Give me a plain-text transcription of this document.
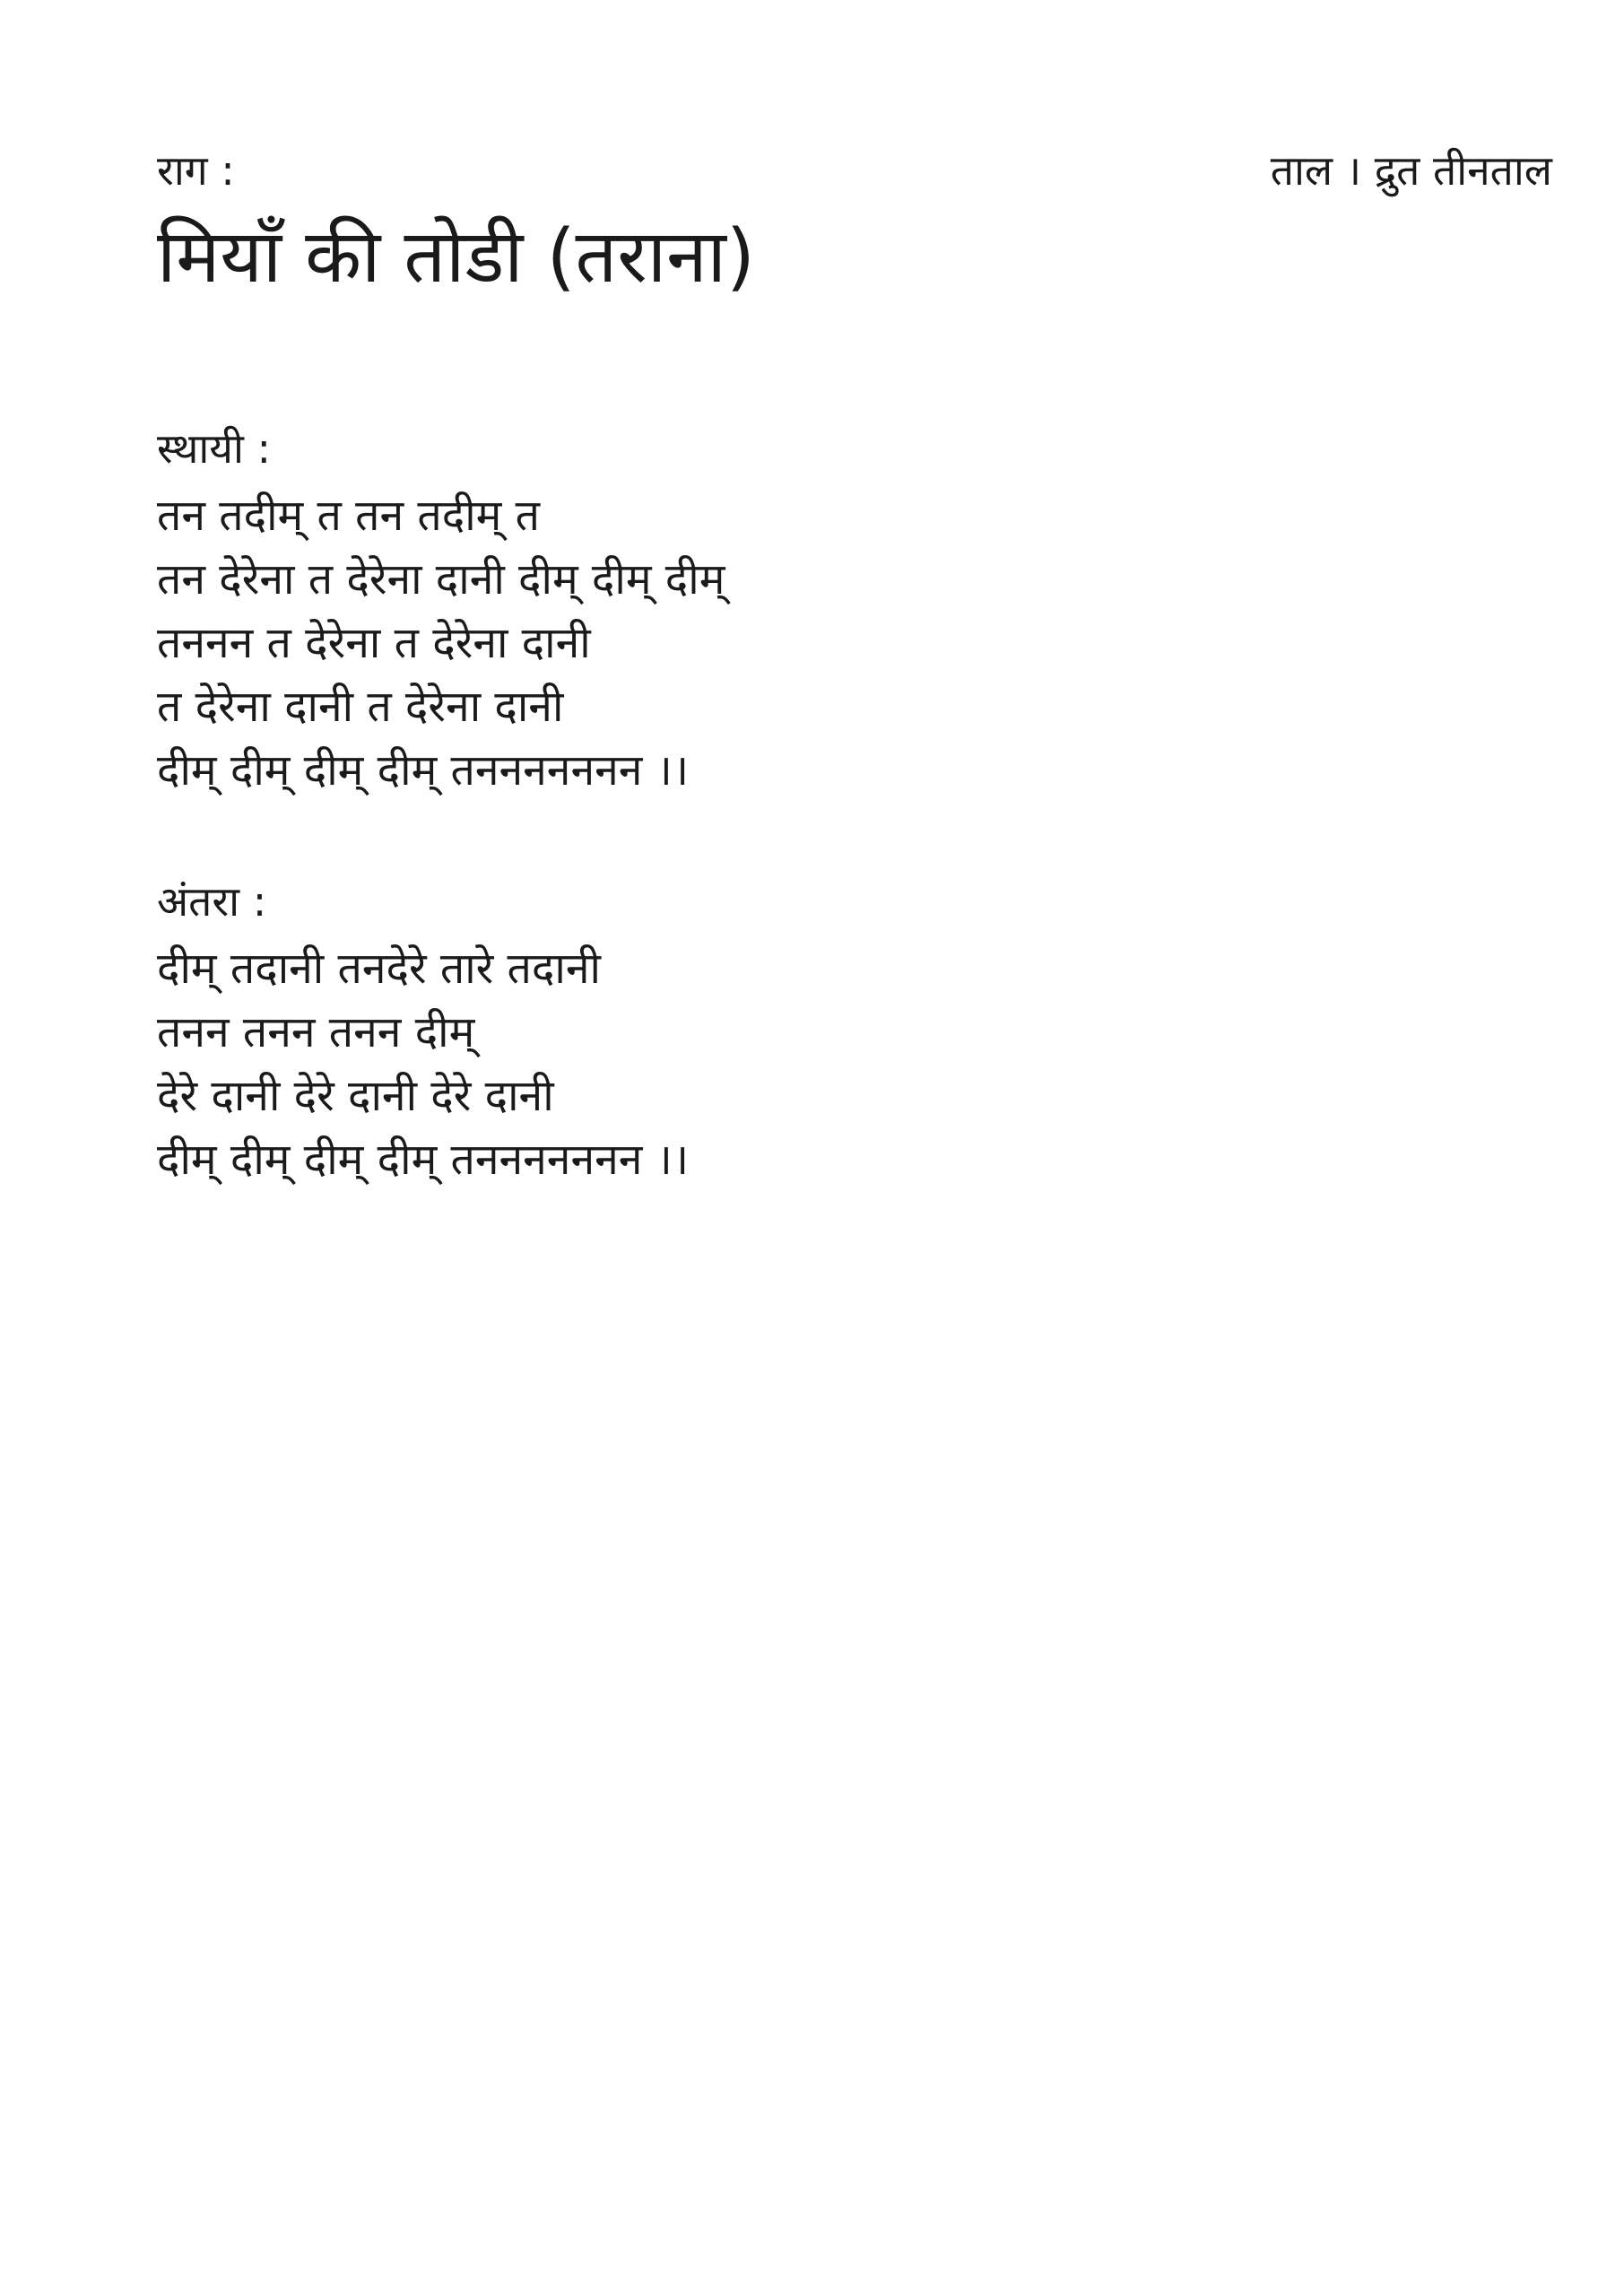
राग :	ताल । द्रुत तीनताल
मियाँ की तोडी (तराना)
स्थायी :
तन तदीम् त तन तदीम् त
तन देरेना त देरेना दानी दीम् दीम् दीम्
तननन त देरेना त देरेना दानी
त देरेना दानी त देरेना दानी
दीम् दीम् दीम् दीम् तननननननन ।।
अंतरा :
दीम् तदानी तनदेरे तारे तदानी
तनन तनन तनन दीम्
देरे दानी देरे दानी देरे दानी
दीम् दीम् दीम् दीम् तननननननन ।।
